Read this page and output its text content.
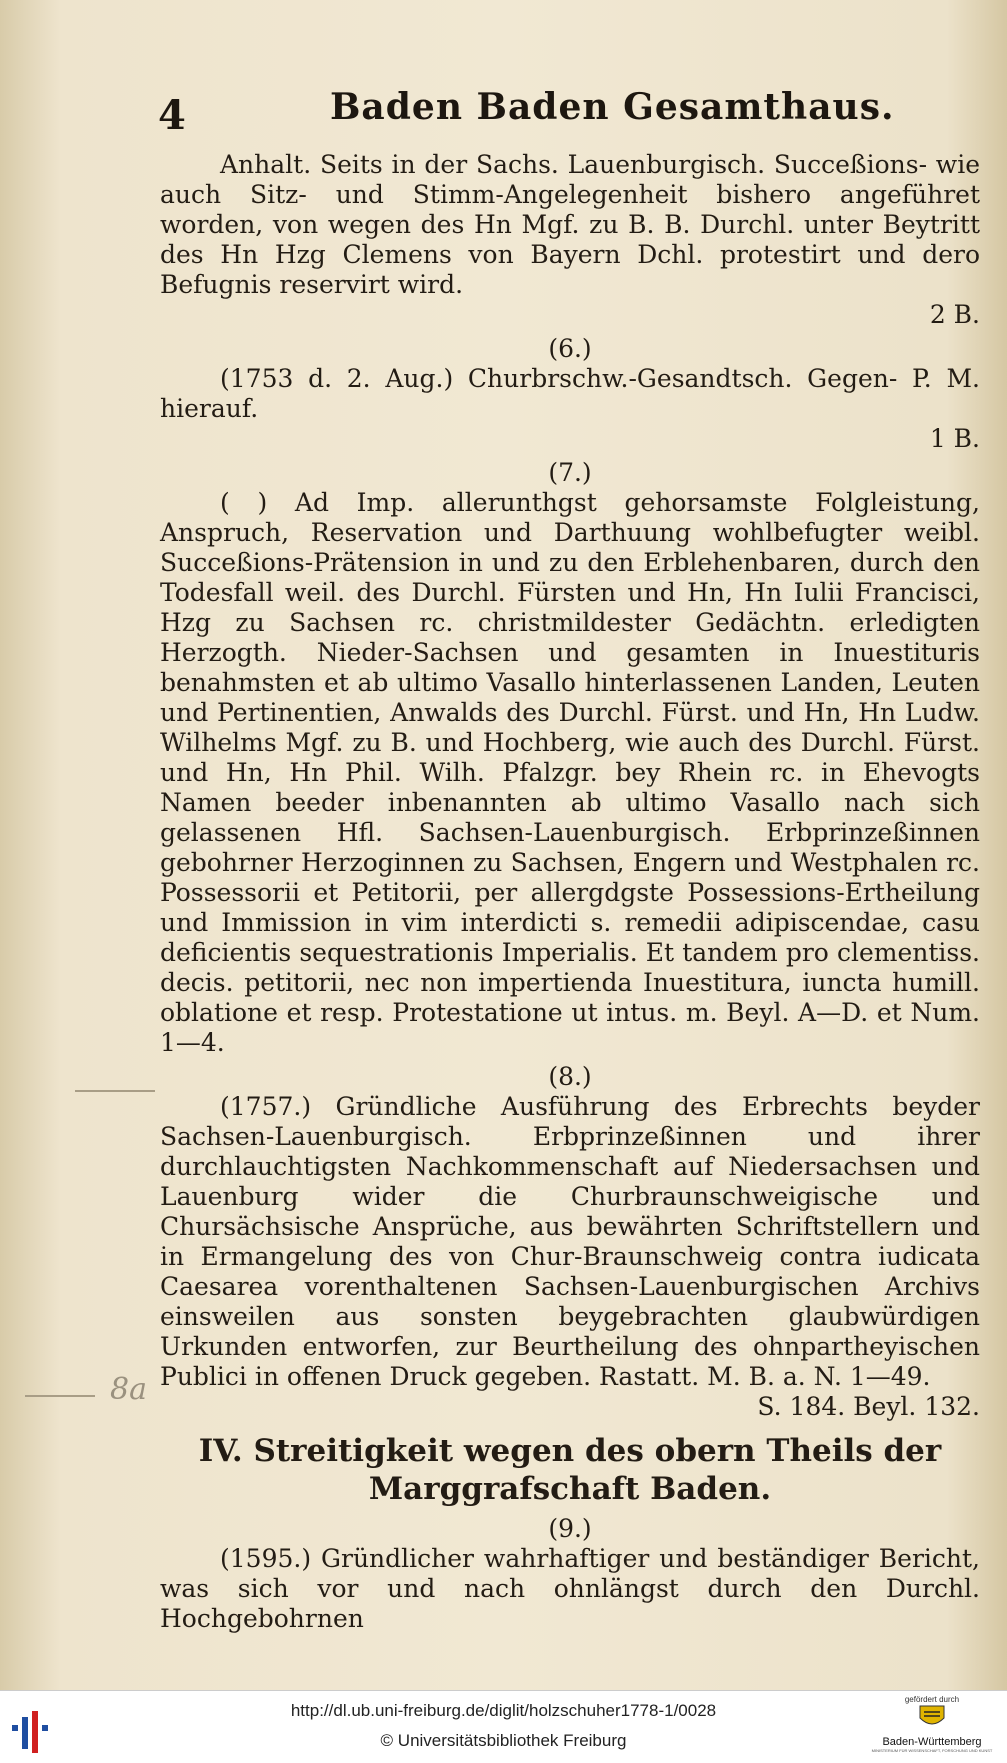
4	Baden Baden Gesamthaus.
8a

Anhalt. Seits in der Sachs. Lauenburgisch. Succeßions- wie auch Sitz- und Stimm-Angelegenheit bishero angeführet worden, von wegen des Hn Mgf. zu B. B. Durchl. unter Beytritt des Hn Hzg Clemens von Bayern Dchl. protestirt und dero Befugnis reservirt wird.

2 B.

(6.)

(1753 d. 2. Aug.) Churbrschw.-Gesandtsch. Gegen- P. M. hierauf.

1 B.

(7.)

( ) Ad Imp. allerunthgst gehorsamste Folgleistung, Anspruch, Reservation und Darthuung wohlbefugter weibl. Succeßions-Prätension in und zu den Erblehenbaren, durch den Todesfall weil. des Durchl. Fürsten und Hn, Hn Iulii Francisci, Hzg zu Sachsen rc. christmildester Gedächtn. erledigten Herzogth. Nieder-Sachsen und gesamten in Inuestituris benahmsten et ab ultimo Vasallo hinterlassenen Landen, Leuten und Pertinentien, Anwalds des Durchl. Fürst. und Hn, Hn Ludw. Wilhelms Mgf. zu B. und Hochberg, wie auch des Durchl. Fürst. und Hn, Hn Phil. Wilh. Pfalzgr. bey Rhein rc. in Ehevogts Namen beeder inbenannten ab ultimo Vasallo nach sich gelassenen Hfl. Sachsen-Lauenburgisch. Erbprinzeßinnen gebohrner Herzoginnen zu Sachsen, Engern und Westphalen rc. Possessorii et Petitorii, per allergdgste Possessions-Ertheilung und Immission in vim interdicti s. remedii adipiscendae, casu deficientis sequestrationis Imperialis. Et tandem pro clementiss. decis. petitorii, nec non impertienda Inuestitura, iuncta humill. oblatione et resp. Protestatione ut intus. m. Beyl. A—D. et Num. 1—4.

(8.)

(1757.) Gründliche Ausführung des Erbrechts beyder Sachsen-Lauenburgisch. Erbprinzeßinnen und ihrer durchlauchtigsten Nachkommenschaft auf Niedersachsen und Lauenburg wider die Churbraunschweigische und Chursächsische Ansprüche, aus bewährten Schriftstellern und in Ermangelung des von Chur-Braunschweig contra iudicata Caesarea vorenthaltenen Sachsen-Lauenburgischen Archivs einsweilen aus sonsten beygebrachten glaubwürdigen Urkunden entworfen, zur Beurtheilung des ohnpartheyischen Publici in offenen Druck gegeben. Rastatt. M. B. a. N. 1—49.

S. 184. Beyl. 132.

IV. Streitigkeit wegen des obern Theils der Marggrafschaft Baden.

(9.)

(1595.) Gründlicher wahrhaftiger und beständiger Bericht, was sich vor und nach ohnlängst durch den Durchl. Hochgebohrnen

http://dl.ub.uni-freiburg.de/diglit/holzschuher1778-1/0028
© Universitätsbibliothek Freiburg
gefördert durch
Baden-Württemberg
MINISTERIUM FÜR WISSENSCHAFT, FORSCHUNG UND KUNST
